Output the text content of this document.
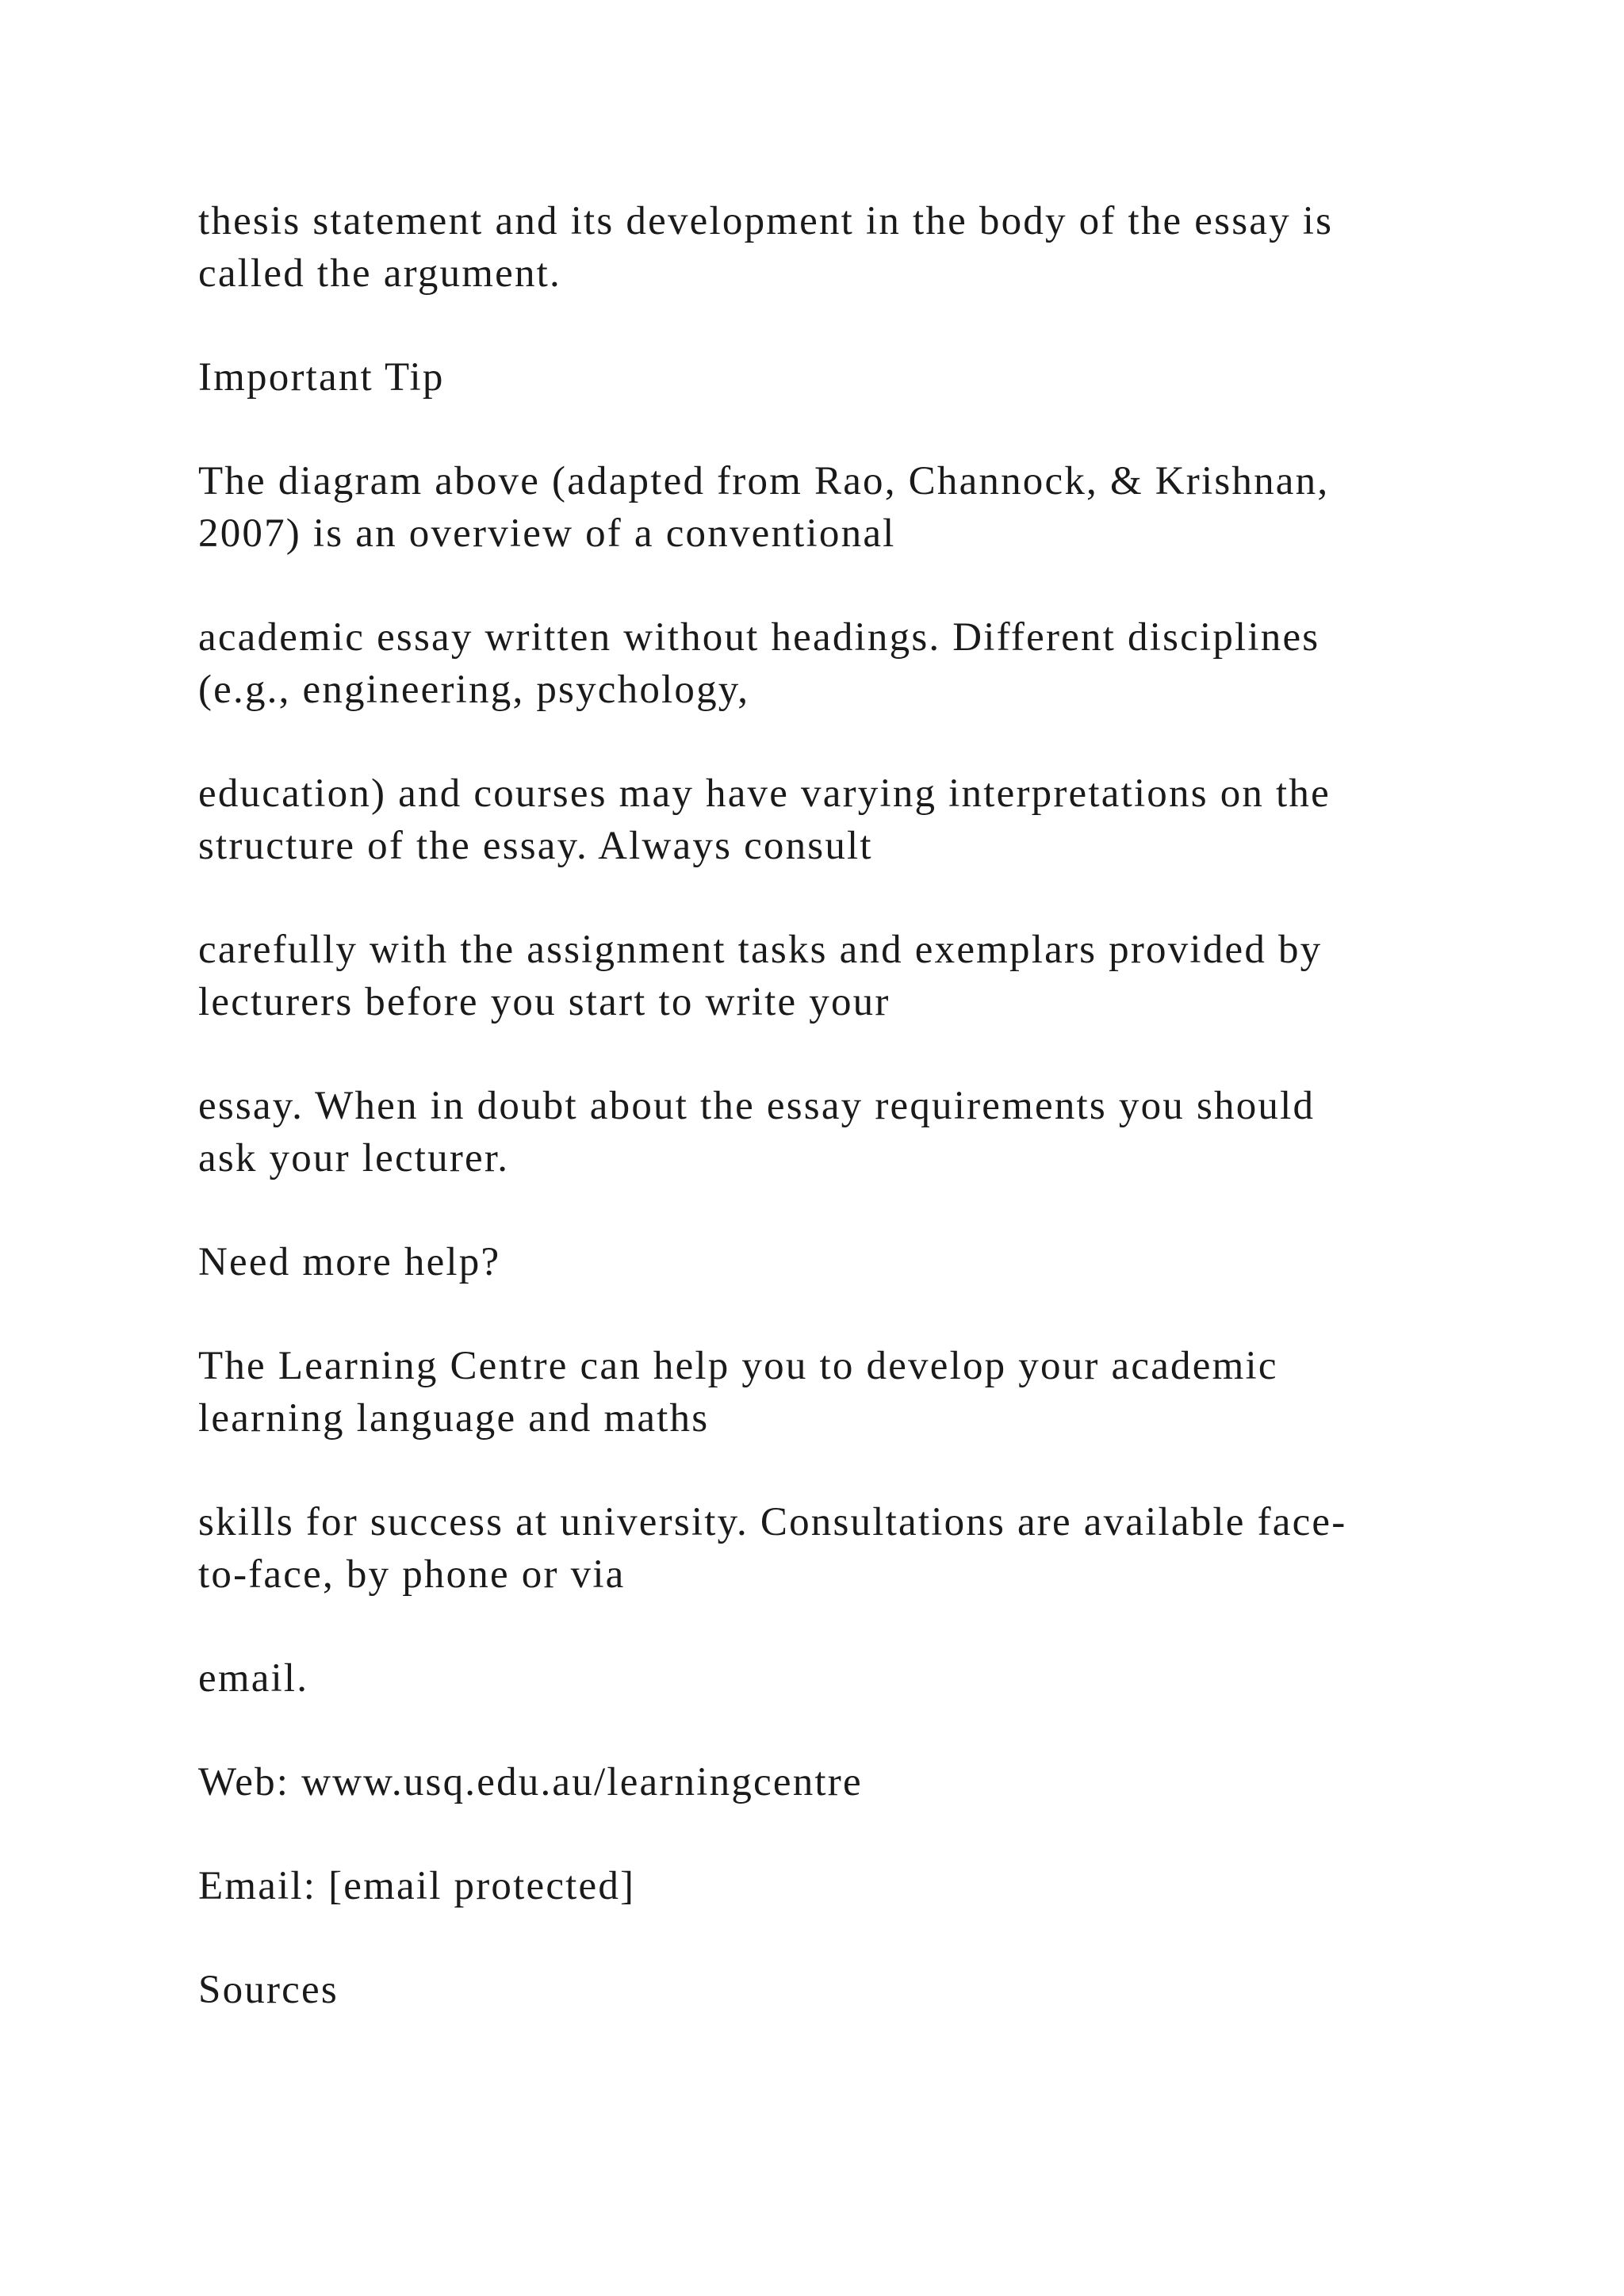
thesis statement and its development in the body of the essay is
called the argument.

Important Tip

The diagram above (adapted from Rao, Channock, & Krishnan,
2007) is an overview of a conventional

academic essay written without headings. Different disciplines
(e.g., engineering, psychology,

education) and courses may have varying interpretations on the
structure of the essay. Always consult

carefully with the assignment tasks and exemplars provided by
lecturers before you start to write your

essay. When in doubt about the essay requirements you should
ask your lecturer.

Need more help?

The Learning Centre can help you to develop your academic
learning language and maths

skills for success at university. Consultations are available face-
to-face, by phone or via

email.

Web: www.usq.edu.au/learningcentre

Email: [email protected]

Sources
